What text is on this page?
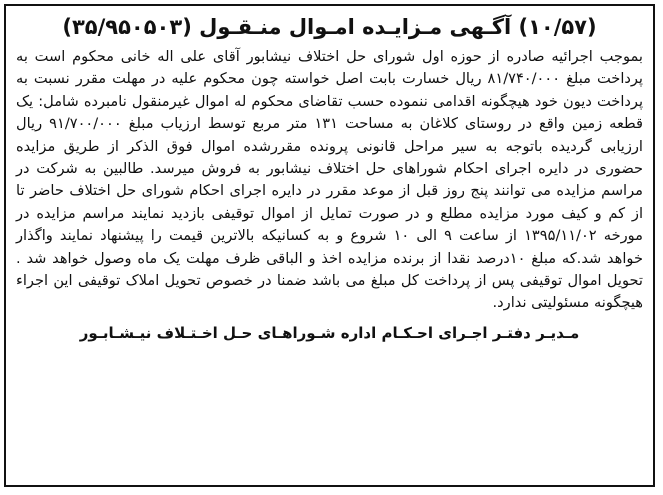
(۱۰/۵۷) آگـهی مـزایـده امـوال منـقـول (۳۵/۹۵۰۵۰۳)

بموجب اجرائیه صادره از حوزه اول شورای حل اختلاف نیشابور آقای علی اله خانی محکوم است به پرداخت مبلغ ۸۱/۷۴۰/۰۰۰ ریال خسارت بابت اصل خواسته چون محکوم علیه در مهلت مقرر نسبت به پرداخت دیون خود هیچگونه اقدامی ننموده حسب تقاضای محکوم له اموال غیرمنقول نامبرده شامل: یک قطعه زمین واقع در روستای کلاغان به مساحت ۱۳۱ متر مربع توسط ارزیاب مبلغ ۹۱/۷۰۰/۰۰۰ ریال ارزیابی گردیده باتوجه به سیر مراحل قانونی پرونده مقررشده اموال فوق الذکر از طریق مزایده حضوری در دایره اجرای احکام شوراهای حل اختلاف نیشابور به فروش میرسد. طالبین به شرکت در مراسم مزایده می توانند پنج روز قبل از موعد مقرر در دایره اجرای احکام شورای حل اختلاف حاضر تا از کم و کیف مورد مزایده مطلع و در صورت تمایل از اموال توقیفی بازدید نمایند مراسم مزایده در مورخه ۱۳۹۵/۱۱/۰۲ از ساعت ۹ الی ۱۰ شروع و به کسانیکه بالاترین قیمت را پیشنهاد نمایند واگذار خواهد شد.که مبلغ ۱۰درصد نقدا از برنده مزایده اخذ و الباقی ظرف مهلت یک ماه وصول خواهد شد . تحویل اموال توقیفی پس از پرداخت کل مبلغ می باشد ضمنا در خصوص تحویل املاک توقیفی این اجراء هیچگونه مسئولیتی ندارد.

مـدیـر دفتـر اجـرای احـکـام اداره شـوراهـای حـل اخـتـلاف نیـشـابـور
